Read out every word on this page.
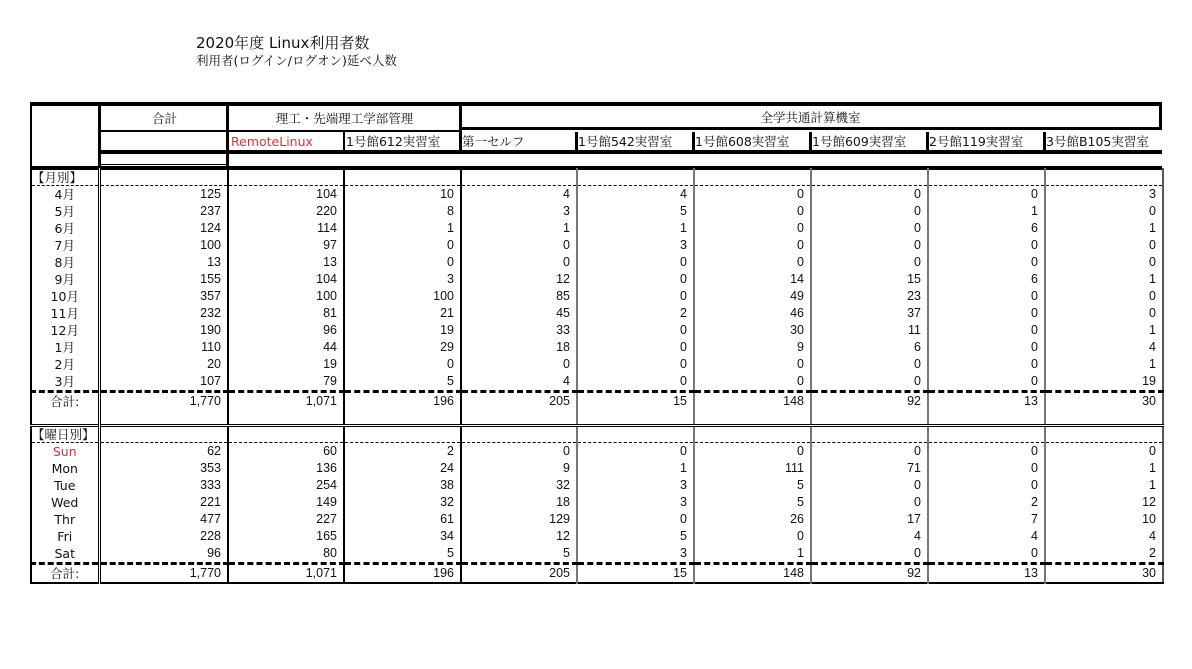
2020年度 Linux利用者数
利用者(ログイン/ログオン)延べ人数
合計	理工・先端理工学部管理	全学共通計算機室
RemoteLinux	1号館612実習室	第一セルフ	1号館542実習室	1号館608実習室	1号館609実習室	2号館119実習室	3号館B105実習室
【月別】									
4月	125	104	10	4	4	0	0	0	3
5月	237	220	8	3	5	0	0	1	0
6月	124	114	1	1	1	0	0	6	1
7月	100	97	0	0	3	0	0	0	0
8月	13	13	0	0	0	0	0	0	0
9月	155	104	3	12	0	14	15	6	1
10月	357	100	100	85	0	49	23	0	0
11月	232	81	21	45	2	46	37	0	0
12月	190	96	19	33	0	30	11	0	1
1月	110	44	29	18	0	9	6	0	4
2月	20	19	0	0	0	0	0	0	1
3月	107	79	5	4	0	0	0	0	19
合計:	1,770	1,071	196	205	15	148	92	13	30

【曜日別】									
Sun	62	60	2	0	0	0	0	0	0
Mon	353	136	24	9	1	111	71	0	1
Tue	333	254	38	32	3	5	0	0	1
Wed	221	149	32	18	3	5	0	2	12
Thr	477	227	61	129	0	26	17	7	10
Fri	228	165	34	12	5	0	4	4	4
Sat	96	80	5	5	3	1	0	0	2
合計:	1,770	1,071	196	205	15	148	92	13	30
